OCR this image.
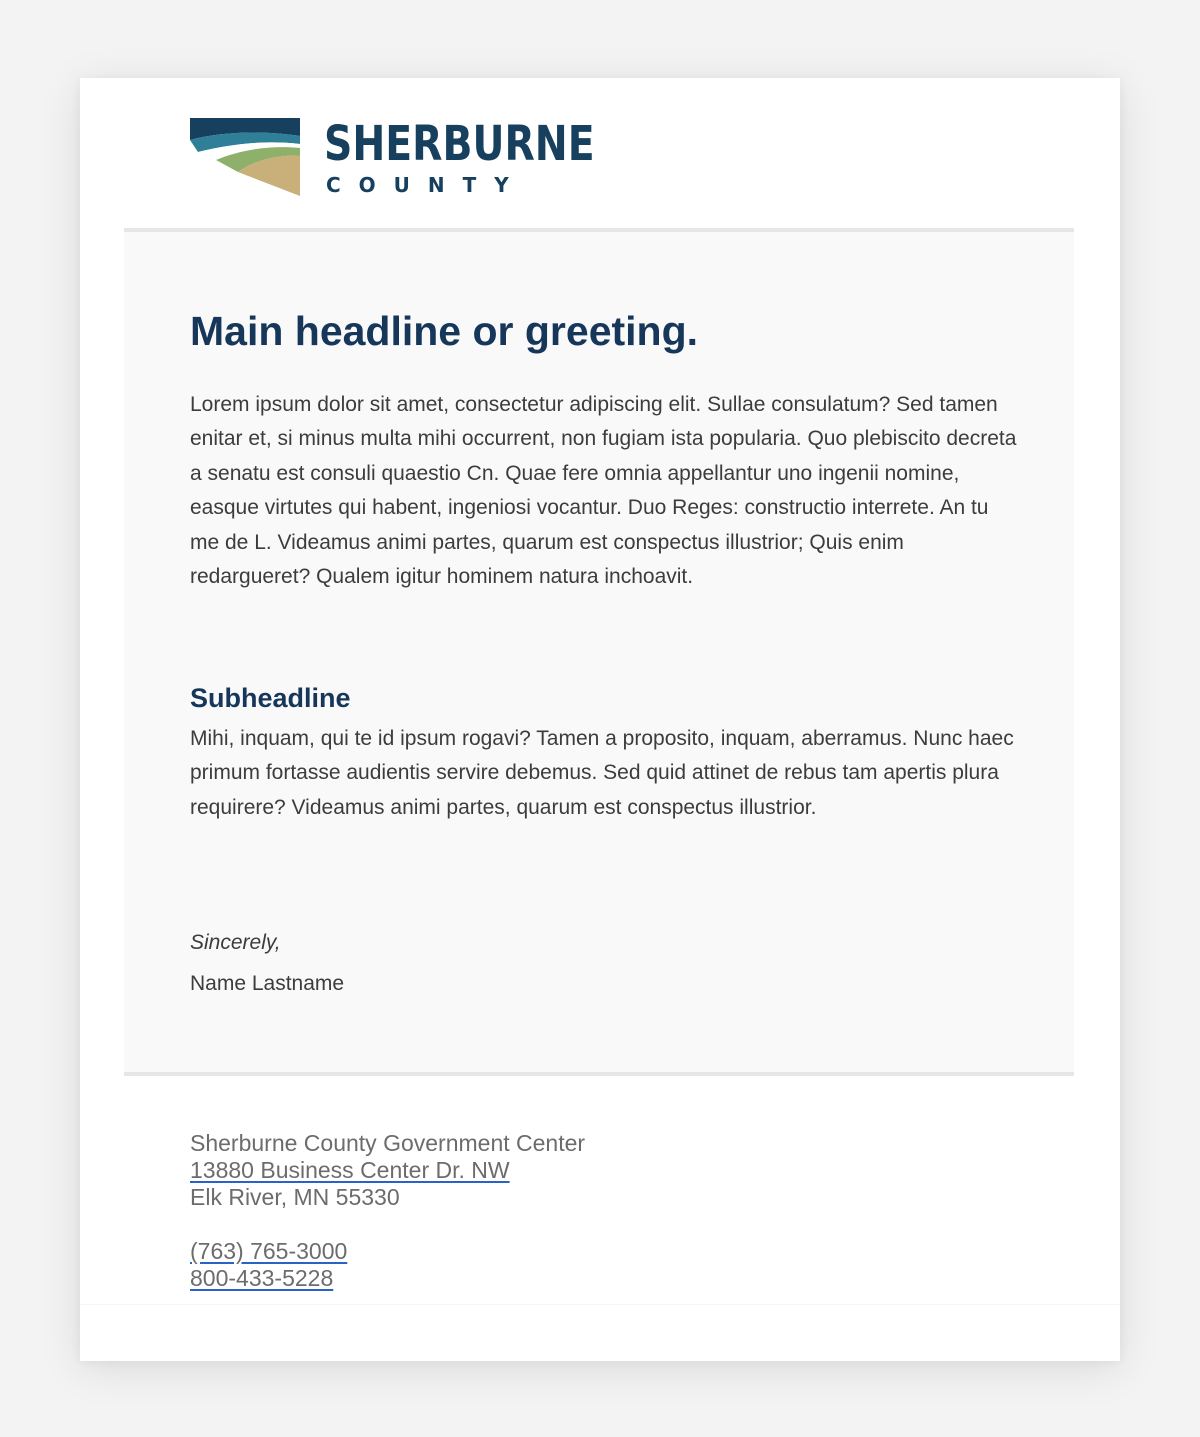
SHERBURNE
COUNTY
Main headline or greeting.

Lorem ipsum dolor sit amet, consectetur adipiscing elit. Sullae consulatum? Sed tamen enitar et, si minus multa mihi occurrent, non fugiam ista popularia. Quo plebiscito decreta a senatu est consuli quaestio Cn. Quae fere omnia appellantur uno ingenii nomine, easque virtutes qui habent, ingeniosi vocantur. Duo Reges: constructio interrete. An tu me de L. Videamus animi partes, quarum est conspectus illustrior; Quis enim redargueret? Qualem igitur hominem natura inchoavit.

Subheadline

Mihi, inquam, qui te id ipsum rogavi? Tamen a proposito, inquam, aberramus. Nunc haec primum fortasse audientis servire debemus. Sed quid attinet de rebus tam apertis plura requirere? Videamus animi partes, quarum est conspectus illustrior.

Sincerely,
Name Lastname
Sherburne County Government Center
13880 Business Center Dr. NW
Elk River, MN 55330
(763) 765-3000
800-433-5228
